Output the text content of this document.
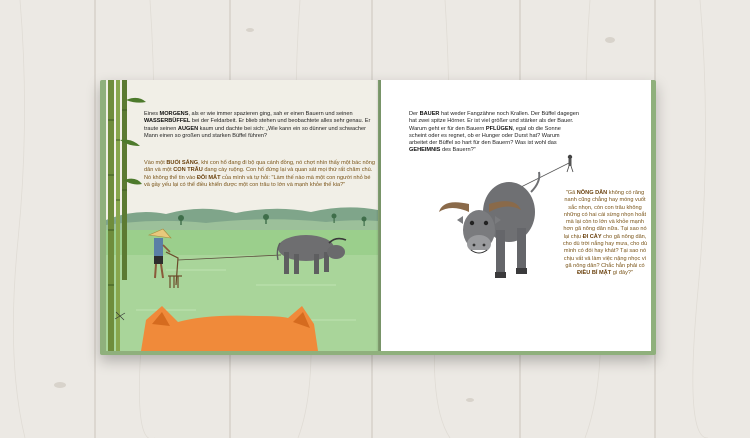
Eines MORGENS, als er wie immer spazieren ging, sah er einen Bauern und seinen WASSERBÜFFEL bei der Feldarbeit. Er blieb stehen und beobachtete alles sehr genau. Er traute seinen AUGEN kaum und dachte bei sich: „Wie kann ein so dünner und schwacher Mann einen so großen und starken Büffel führen?
Vào một BUỔI SÁNG, khi con hổ đang đi bộ qua cánh đồng, nó chợt nhìn thấy một bác nông dân và một CON TRÂU đang cày ruộng. Con hổ đứng lại và quan sát mọi thứ rất chăm chú. Nó không thể tin vào ĐÔI MẮT của mình và tự hỏi: "Làm thế nào mà một con người nhỏ bé và gầy yếu lại có thể điều khiển được một con trâu to lớn và mạnh khỏe thế kia?"
Der BAUER hat weder Fangzähne noch Krallen. Der Büffel dagegen hat zwei spitze Hörner. Er ist viel größer und stärker als der Bauer. Warum geht er für den Bauern PFLÜGEN, egal ob die Sonne scheint oder es regnet, ob er Hunger oder Durst hat? Warum arbeitet der Büffel so hart für den Bauern? Was ist wohl das GEHEIMNIS des Bauern?"
"Gã NÔNG DÂN không có răng nanh cũng chẳng hay móng vuốt sắc nhọn, còn con trâu không những có hai cái sừng nhọn hoắt mà lại còn to lớn và khỏe mạnh hơn gã nông dân nữa. Tại sao nó lại chịu ĐI CÀY cho gã nông dân, cho dù trời nắng hay mưa, cho dù mình có đói hay khát? Tại sao nó chịu vất vả làm việc nặng nhọc vì gã nông dân? Chắc hẳn phải có ĐIỀU BÍ MẬT gì đây?"
